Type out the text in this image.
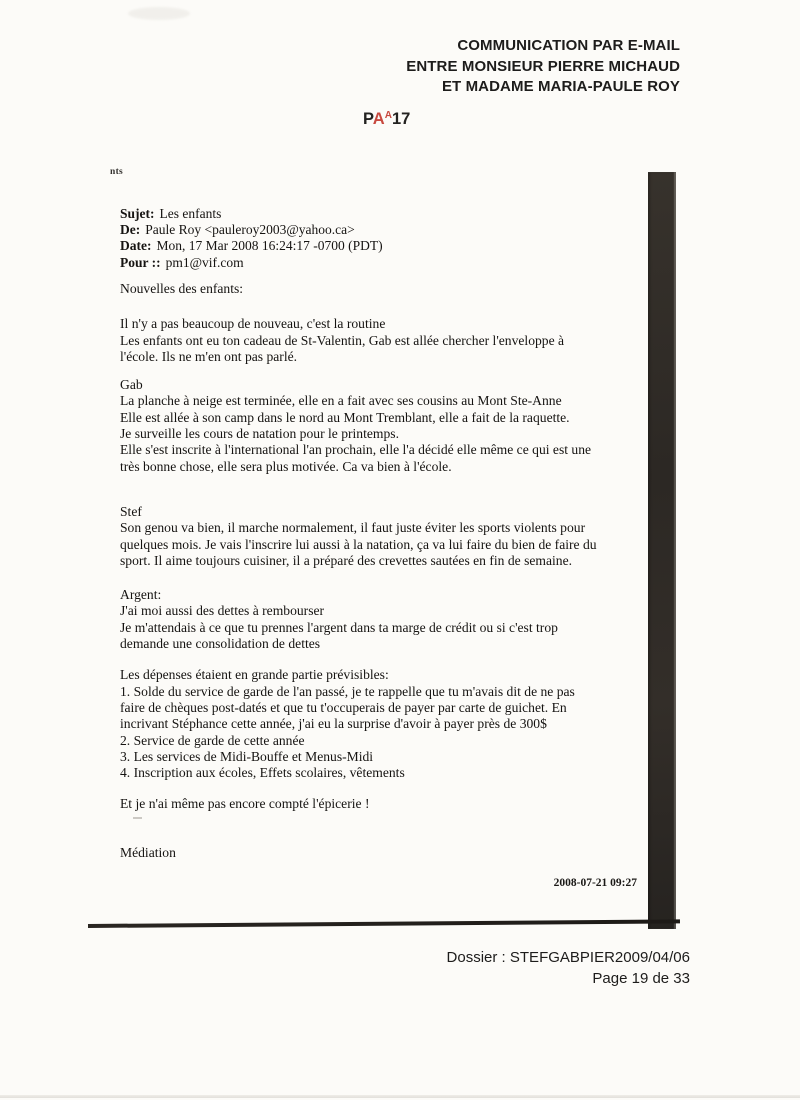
COMMUNICATION PAR E-MAIL
ENTRE MONSIEUR PIERRE MICHAUD
ET MADAME MARIA-PAULE ROY
$PA^A17$
nts
Sujet: Les enfants
De: Paule Roy <pauleroy2003@yahoo.ca>
Date: Mon, 17 Mar 2008 16:24:17 -0700 (PDT)
Pour :: pm1@vif.com
Nouvelles des enfants:
Il n'y a pas beaucoup de nouveau, c'est la routine
Les enfants ont eu ton cadeau de St-Valentin, Gab est allée chercher l'enveloppe à
l'école. Ils ne m'en ont pas parlé.
Gab
La planche à neige est terminée, elle en a fait avec ses cousins au Mont Ste-Anne
Elle est allée à son camp dans le nord au Mont Tremblant, elle a fait de la raquette.
Je surveille les cours de natation pour le printemps.
Elle s'est inscrite à l'international l'an prochain, elle l'a décidé elle même ce qui est une
très bonne chose, elle sera plus motivée. Ca va bien à l'école.
Stef
Son genou va bien, il marche normalement, il faut juste éviter les sports violents pour
quelques mois. Je vais l'inscrire lui aussi à la natation, ça va lui faire du bien de faire du
sport. Il aime toujours cuisiner, il a préparé des crevettes sautées en fin de semaine.
Argent:
J'ai moi aussi des dettes à rembourser
Je m'attendais à ce que tu prennes l'argent dans ta marge de crédit ou si c'est trop
demande une consolidation de dettes
Les dépenses étaient en grande partie prévisibles:
1. Solde du service de garde de l'an passé, je te rappelle que tu m'avais dit de ne pas
faire de chèques post-datés et que tu t'occuperais de payer par carte de guichet. En
incrivant Stéphance cette année, j'ai eu la surprise d'avoir à payer près de 300$
2. Service de garde de cette année
3. Les services de Midi-Bouffe et Menus-Midi
4. Inscription aux écoles, Effets scolaires, vêtements
Et je n'ai même pas encore compté l'épicerie !
Médiation
2008-07-21 09:27
Dossier : STEFGABPIER2009/04/06
Page 19 de 33
